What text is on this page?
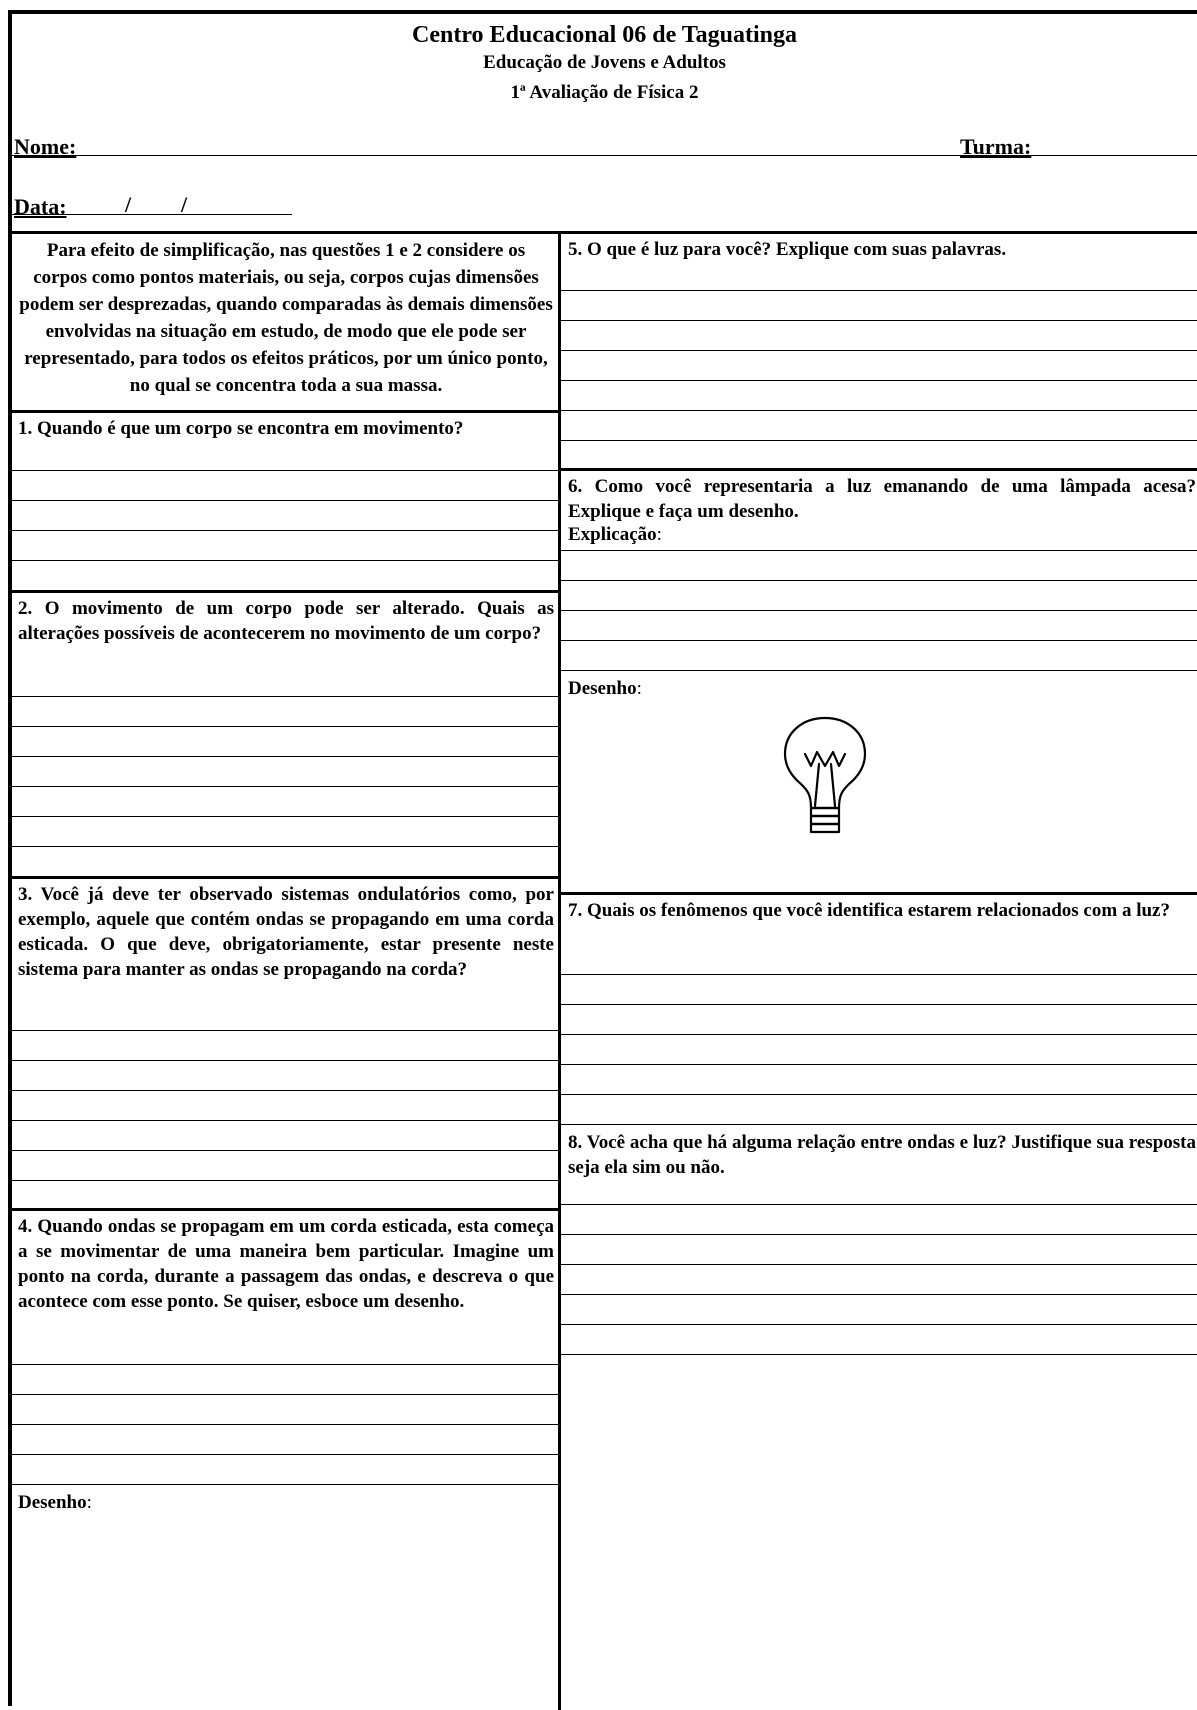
Centro Educacional 06 de Taguatinga
Educação de Jovens e Adultos
1ª Avaliação de Física 2
Nome:	Turma:
Data:	/ /
Para efeito de simplificação, nas questões 1 e 2 considere os corpos como pontos materiais, ou seja, corpos cujas dimensões podem ser desprezadas, quando comparadas às demais dimensões envolvidas na situação em estudo, de modo que ele pode ser representado, para todos os efeitos práticos, por um único ponto, no qual se concentra toda a sua massa.
1. Quando é que um corpo se encontra em movimento?
2. O movimento de um corpo pode ser alterado. Quais as alterações possíveis de acontecerem no movimento de um corpo?
3. Você já deve ter observado sistemas ondulatórios como, por exemplo, aquele que contém ondas se propagando em uma corda esticada. O que deve, obrigatoriamente, estar presente neste sistema para manter as ondas se propagando na corda?
4. Quando ondas se propagam em um corda esticada, esta começa a se movimentar de uma maneira bem particular. Imagine um ponto na corda, durante a passagem das ondas, e descreva o que acontece com esse ponto. Se quiser, esboce um desenho.
Desenho:
5. O que é luz para você? Explique com suas palavras.
6. Como você representaria a luz emanando de uma lâmpada acesa? Explique e faça um desenho.
Explicação:
Desenho:
7. Quais os fenômenos que você identifica estarem relacionados com a luz?
8. Você acha que há alguma relação entre ondas e luz? Justifique sua resposta seja ela sim ou não.
